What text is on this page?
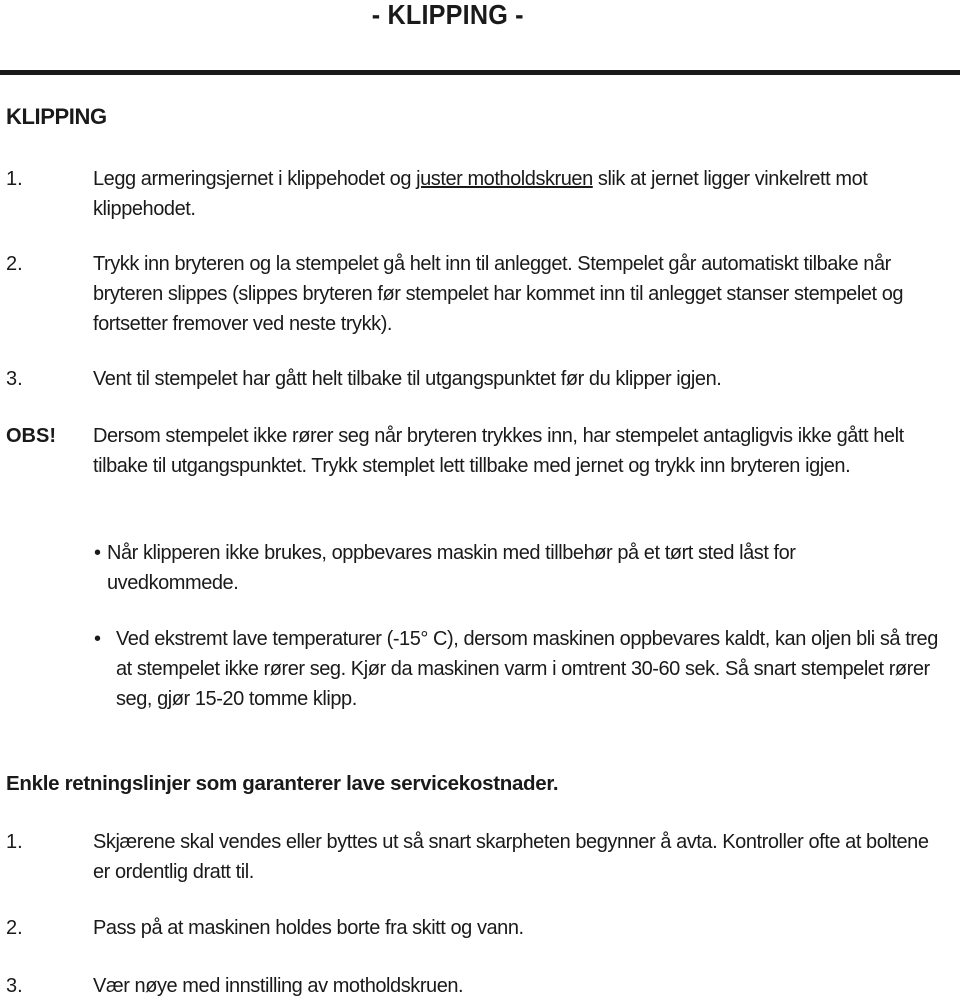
- KLIPPING -
KLIPPING
1.	Legg armeringsjernet i klippehodet og juster motholdskruen slik at jernet ligger vinkelrett mot klippehodet.
2.	Trykk inn bryteren og la stempelet gå helt inn til anlegget. Stempelet går automatiskt tilbake når bryteren slippes (slippes bryteren før stempelet har kommet inn til anlegget stanser stempelet og fortsetter fremover ved neste trykk).
3.	Vent til stempelet har gått helt tilbake til utgangspunktet før du klipper igjen.
OBS! Dersom stempelet ikke rører seg når bryteren trykkes inn, har stempelet antagligvis ikke gått helt tilbake til utgangspunktet. Trykk stemplet lett tillbake med jernet og trykk inn bryteren igjen.
• Når klipperen ikke brukes, oppbevares maskin med tillbehør på et tørt sted låst for uvedkommede.
• Ved ekstremt lave temperaturer (-15° C), dersom maskinen oppbevares kaldt, kan oljen bli så treg at stempelet ikke rører seg. Kjør da maskinen varm i omtrent 30-60 sek. Så snart stempelet rører seg, gjør 15-20 tomme klipp.
Enkle retningslinjer som garanterer lave servicekostnader.
1.	Skjærene skal vendes eller byttes ut så snart skarpheten begynner å avta. Kontroller ofte at boltene er ordentlig dratt til.
2.	Pass på at maskinen holdes borte fra skitt og vann.
3.	Vær nøye med innstilling av motholdskruen.
